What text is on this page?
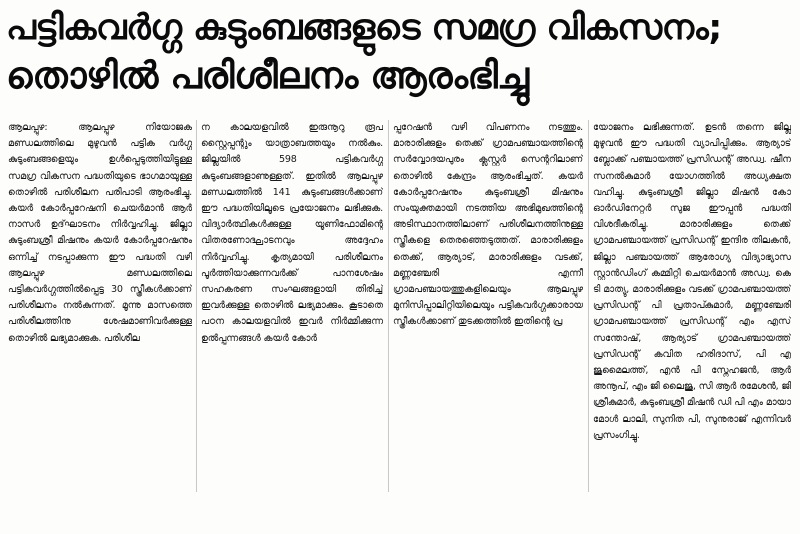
പട്ടികവർഗ്ഗ കുടുംബങ്ങളുടെ സമഗ്ര വികസനം;
തൊഴിൽ പരിശീലനം ആരംഭിച്ചു

ആലപ്പുഴ: ആലപ്പുഴ നിയോജക മണ്ഡലത്തിലെ മുഴുവൻ പട്ടിക വർഗ്ഗ കുടുംബങ്ങളെയും ഉൾപ്പെടുത്തിയിട്ടുള്ള സമഗ്ര വികസന പദ്ധതിയുടെ ഭാഗമായുള്ള തൊഴിൽ പരിശീലന പരിപാടി ആരംഭിച്ചു. കയർ കോർപ്പറേഷനി ചെയർമാൻ ആർ നാസർ ഉദ്‌ഘാടനം നിർവ്വഹിച്ചു. ജില്ലാ കുടുംബശ്രീ മിഷനും കയർ കോർപ്പറേഷനും ഒന്നിച്ച് നടപ്പാക്കുന്ന ഈ പദ്ധതി വഴി ആലപ്പുഴ മണ്ഡലത്തിലെ പട്ടികവർഗ്ഗത്തിൽപ്പെട്ട 30 സ്ത്രീകൾക്കാണ് പരിശീലനം നൽകുന്നത്. മൂന്നു മാസത്തെ പരിശീലത്തിനു ശേഷമാണിവർക്കുള്ള തൊഴിൽ ലഭ്യമാക്കുക. പരിശീല

ന കാലയളവിൽ ഇരുനൂറു രൂപ സ്റ്റൈപ്പന്റും യാത്രാബത്തയും നൽകും. ജില്ലയിൽ 598 പട്ടികവർഗ്ഗ കുടുംബങ്ങളാണുള്ളത്. ഇതിൽ ആലപ്പുഴ മണ്ഡലത്തിൽ 141 കുടുംബങ്ങൾക്കാണ് ഈ പദ്ധതിയിലൂടെ പ്രയോജനം ലഭിക്കുക. വിദ്യാർത്ഥികൾക്കുള്ള യൂണിഫോമിന്റെ വിതരണോദ്ഘാടനവും അദ്ദേഹം നിർവ്വഹിച്ചു. കൃത്യമായി പരിശീലനം പൂർത്തിയാക്കുന്നവർക്ക് പാനശേഷം സഹകരണ സംഘങ്ങളായി തിരിച്ച് ഇവർക്കുള്ള തൊഴിൽ ലഭ്യമാക്കും. കൂടാതെ പഠന കാലയളവിൽ ഇവർ നിർമ്മിക്കുന്ന ഉൽപ്പന്നങ്ങൾ കയർ കോർ

പ്പറേഷൻ വഴി വിപണനം നടത്തും. മാരാരിക്കുളം തെക്ക് ഗ്രാമപഞ്ചായത്തിന്റെ സർവ്വോദയപുരം ക്ലസ്റ്റർ സെന്ററിലാണ് തൊഴിൽ കേന്ദ്രം ആരംഭിച്ചത്. കയർ കോർപ്പറേഷനും കുടുംബശ്രീ മിഷനും സംയുക്തമായി നടത്തിയ അഭിമുഖത്തിന്റെ അടിസ്ഥാനത്തിലാണ് പരിശീലനത്തിനുള്ള സ്ത്രീകളെ തെരഞ്ഞെടുത്തത്. മാരാരിക്കുളം തെക്ക്, ആര്യാട്, മാരാരിക്കുളം വടക്ക്, മണ്ണഞ്ചേരി എന്നീ ഗ്രാമപഞ്ചായത്തുകളിലെയും ആലപ്പുഴ മുനിസിപ്പാലിറ്റിയിലെയും പട്ടികവർഗ്ഗക്കാരായ സ്ത്രീകൾക്കാണ് തുടക്കത്തിൽ ഇതിന്റെ പ്ര

യോജനം ലഭിക്കുന്നത്. ഉടൻ തന്നെ ജില്ല മുഴുവൻ ഈ പദ്ധതി വ്യാപിപ്പിക്കും. ആര്യാട് ബ്ലോക്ക് പഞ്ചായത്ത് പ്രസിഡന്റ് അഡ്വ. ഷീന സനൽകുമാർ യോഗത്തിൽ അധ്യക്ഷത വഹിച്ചു. കുടുംബശ്രീ ജില്ലാ മിഷൻ കോ ഓർഡിനേറ്റർ സുജ ഈപ്പൻ പദ്ധതി വിശദീകരിച്ചു. മാരാരിക്കുളം തെക്ക് ഗ്രാമപഞ്ചായത്ത് പ്രസിഡന്റ് ഇന്ദിര തിലകൻ, ജില്ലാ പഞ്ചായത്ത് ആരോഗ്യ വിദ്യാഭ്യാസ സ്റ്റാൻഡിംഗ് കമ്മിറ്റി ചെയർമാൻ അഡ്വ. കെ ടി മാത്യു, മാരാരിക്കുളം വടക്ക് ഗ്രാമപഞ്ചായത്ത് പ്രസിഡന്റ് പി പ്രതാപ്കുമാർ, മണ്ണഞ്ചേരി ഗ്രാമപഞ്ചായത്ത് പ്രസിഡന്റ് എം എസ് സന്തോഷ്, ആര്യാട് ഗ്രാമപഞ്ചായത്ത് പ്രസിഡന്റ് കവിത ഹരിദാസ്, പി എ ജുമൈലത്ത്, എൻ പി സ്നേഹജൻ, ആർ അനൂപ്, എം ജി ലൈജു, സി ആർ രമേശൻ, ജി ശ്രീകുമാർ, കുടുംബശ്രീ മിഷൻ ഡി പി എം മായാ മോൾ ലാലി, സുനിത പി, സുനുരാജ് എന്നിവർ പ്രസംഗിച്ചു.
